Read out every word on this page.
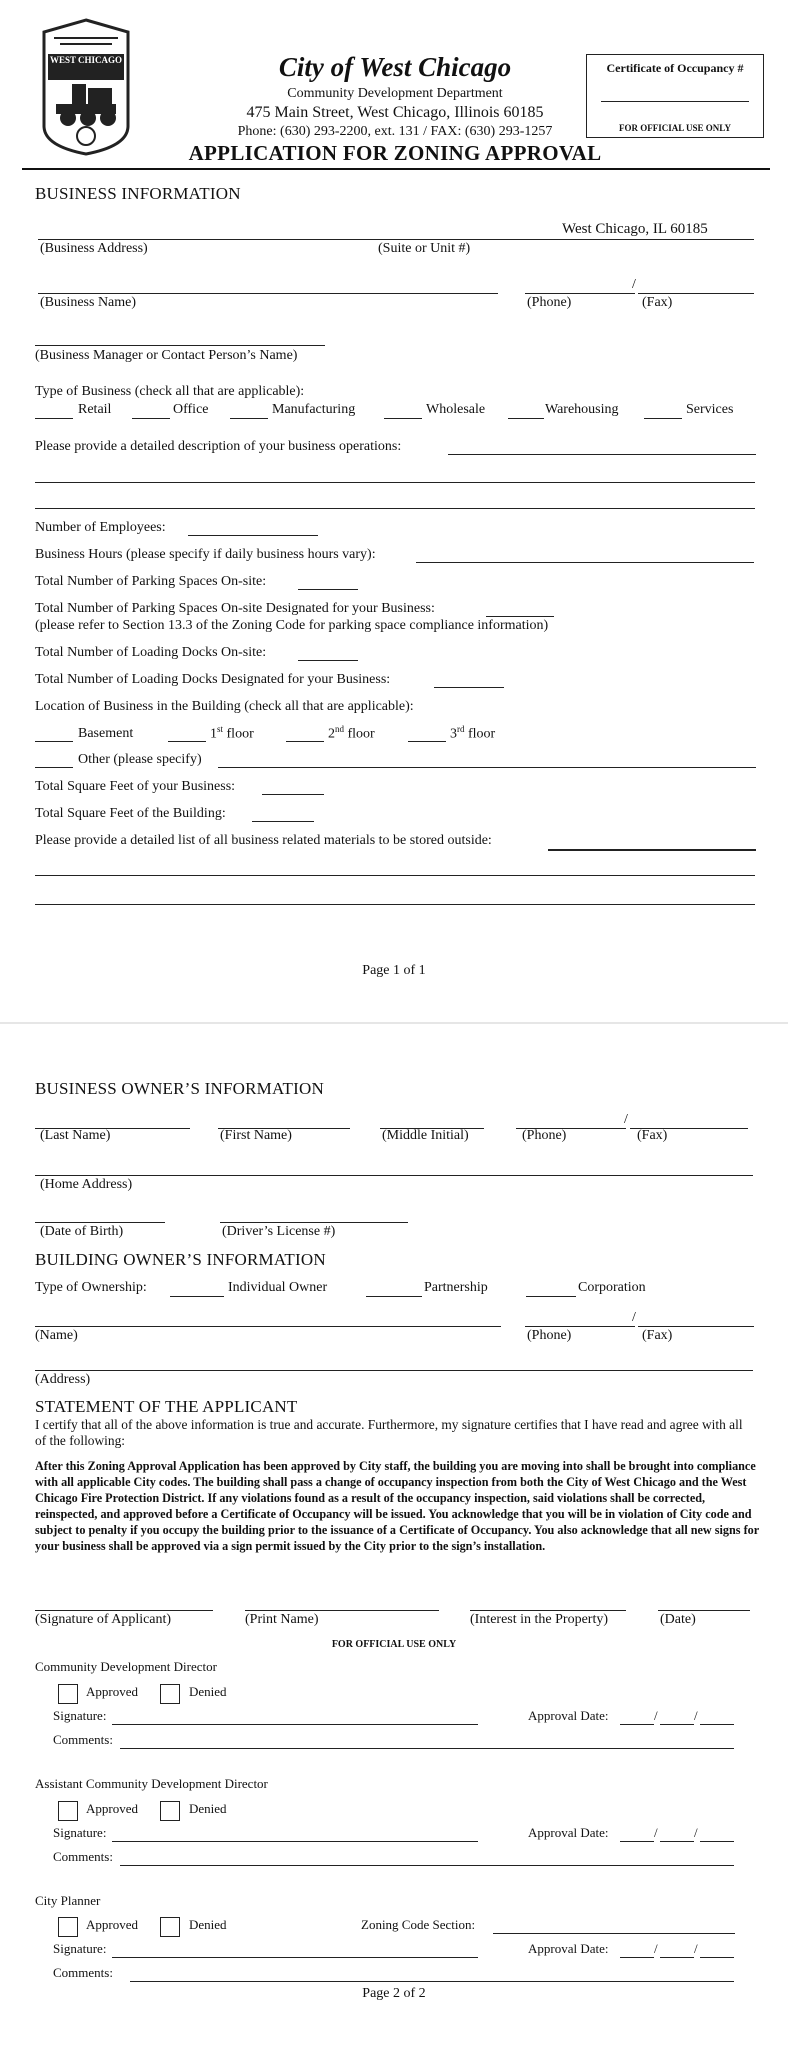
WEST CHICAGO	City of West Chicago
Community Development Department
475 Main Street, West Chicago, Illinois 60185
Phone: (630) 293-2200, ext. 131 / FAX: (630) 293-1257
APPLICATION FOR ZONING APPROVAL
Certificate of Occupancy #
FOR OFFICIAL USE ONLY
BUSINESS INFORMATION
West Chicago, IL 60185
(Business Address)	(Suite or Unit #)
/
(Business Name)	(Phone)	(Fax)
(Business Manager or Contact Person’s Name)
Type of Business (check all that are applicable):
Retail	Office	Manufacturing	Wholesale	Warehousing	Services
Please provide a detailed description of your business operations:
Number of Employees:
Business Hours (please specify if daily business hours vary):
Total Number of Parking Spaces On-site:
Total Number of Parking Spaces On-site Designated for your Business:
(please refer to Section 13.3 of the Zoning Code for parking space compliance information)
Total Number of Loading Docks On-site:
Total Number of Loading Docks Designated for your Business:
Location of Business in the Building (check all that are applicable):
Basement	1st floor	2nd floor	3rd floor
Other (please specify)
Total Square Feet of your Business:
Total Square Feet of the Building:
Please provide a detailed list of all business related materials to be stored outside:
Page 1 of 1
BUSINESS OWNER’S INFORMATION
/
(Last Name)	(First Name)	(Middle Initial)	(Phone)	(Fax)
(Home Address)
(Date of Birth)	(Driver’s License #)
BUILDING OWNER’S INFORMATION
Type of Ownership:	Individual Owner	Partnership	Corporation
/
(Name)	(Phone)	(Fax)
(Address)
STATEMENT OF THE APPLICANT
I certify that all of the above information is true and accurate. Furthermore, my signature certifies that I have read and agree with all of the following:
After this Zoning Approval Application has been approved by City staff, the building you are moving into shall be brought into compliance with all applicable City codes. The building shall pass a change of occupancy inspection from both the City of West Chicago and the West Chicago Fire Protection District. If any violations found as a result of the occupancy inspection, said violations shall be corrected, reinspected, and approved before a Certificate of Occupancy will be issued. You acknowledge that you will be in violation of City code and subject to penalty if you occupy the building prior to the issuance of a Certificate of Occupancy. You also acknowledge that all new signs for your business shall be approved via a sign permit issued by the City prior to the sign’s installation.
(Signature of Applicant)	(Print Name)	(Interest in the Property)	(Date)
FOR OFFICIAL USE ONLY
Community Development Director
Approved	Denied
Signature:	Approval Date:	/	/
Comments:
Assistant Community Development Director
Approved	Denied
Signature:	Approval Date:	/	/
Comments:
City Planner
Approved	Denied	Zoning Code Section:
Signature:	Approval Date:	/	/
Comments:
Page 2 of 2
